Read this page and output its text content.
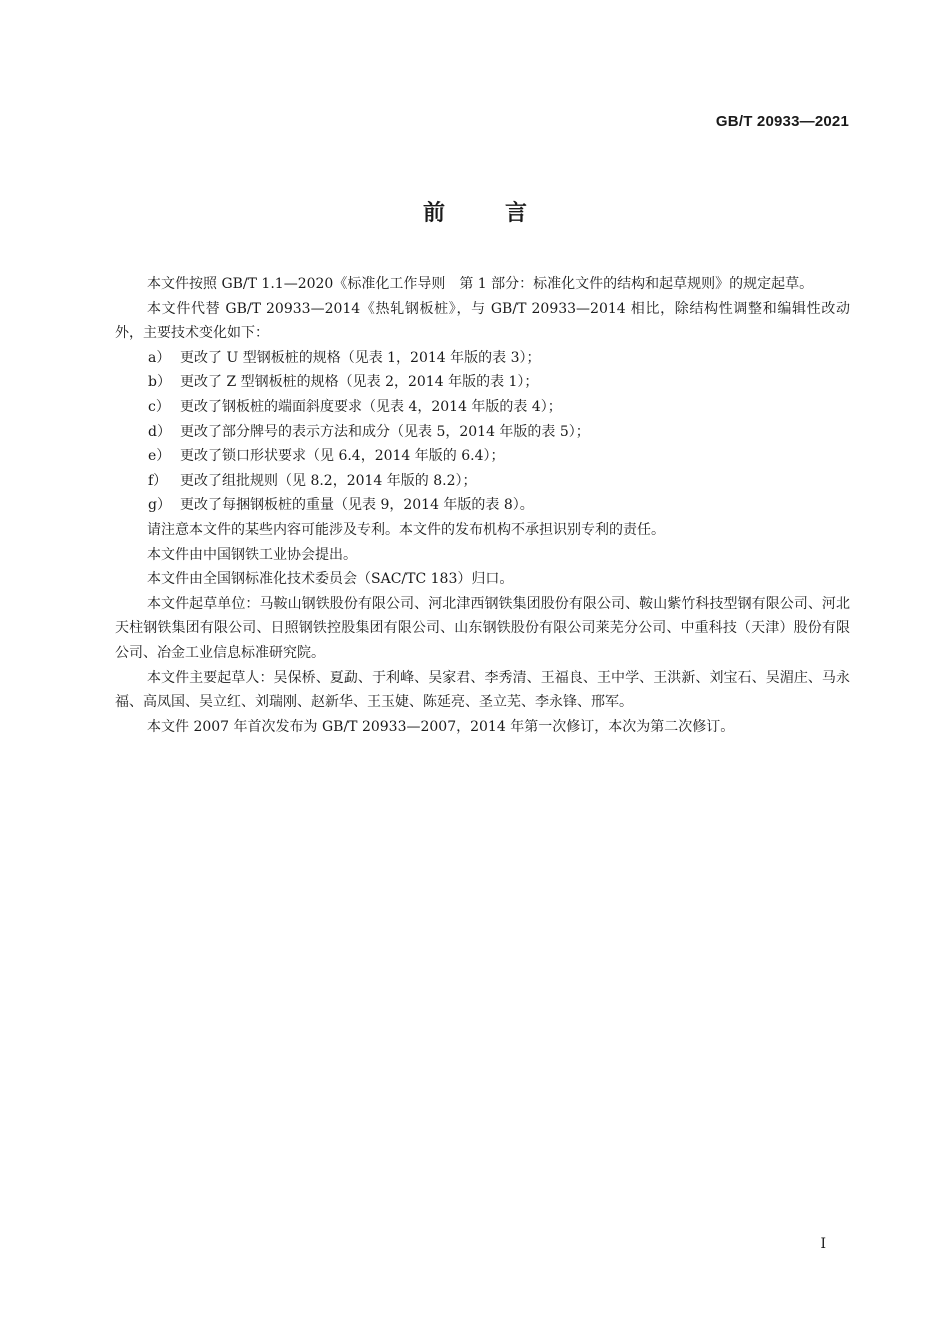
GB/T 20933—2021
前言

本文件按照 GB/T 1.1—2020《标准化工作导则　第 1 部分：标准化文件的结构和起草规则》的规定起草。

本文件代替 GB/T 20933—2014《热轧钢板桩》，与 GB/T 20933—2014 相比，除结构性调整和编辑性改动外，主要技术变化如下：

a） 更改了 U 型钢板桩的规格（见表 1，2014 年版的表 3）；

b） 更改了 Z 型钢板桩的规格（见表 2，2014 年版的表 1）；

c） 更改了钢板桩的端面斜度要求（见表 4，2014 年版的表 4）；

d） 更改了部分牌号的表示方法和成分（见表 5，2014 年版的表 5）；

e） 更改了锁口形状要求（见 6.4，2014 年版的 6.4）；

f） 更改了组批规则（见 8.2，2014 年版的 8.2）；

g） 更改了每捆钢板桩的重量（见表 9，2014 年版的表 8）。

请注意本文件的某些内容可能涉及专利。本文件的发布机构不承担识别专利的责任。

本文件由中国钢铁工业协会提出。

本文件由全国钢标准化技术委员会（SAC/TC 183）归口。

本文件起草单位：马鞍山钢铁股份有限公司、河北津西钢铁集团股份有限公司、鞍山紫竹科技型钢有限公司、河北天柱钢铁集团有限公司、日照钢铁控股集团有限公司、山东钢铁股份有限公司莱芜分公司、中重科技（天津）股份有限公司、冶金工业信息标准研究院。

本文件主要起草人：吴保桥、夏勐、于利峰、吴家君、李秀清、王福良、王中学、王洪新、刘宝石、吴湄庄、马永福、高凤国、吴立红、刘瑞刚、赵新华、王玉婕、陈延亮、圣立芜、李永锋、邢军。

本文件 2007 年首次发布为 GB/T 20933—2007，2014 年第一次修订，本次为第二次修订。

I
